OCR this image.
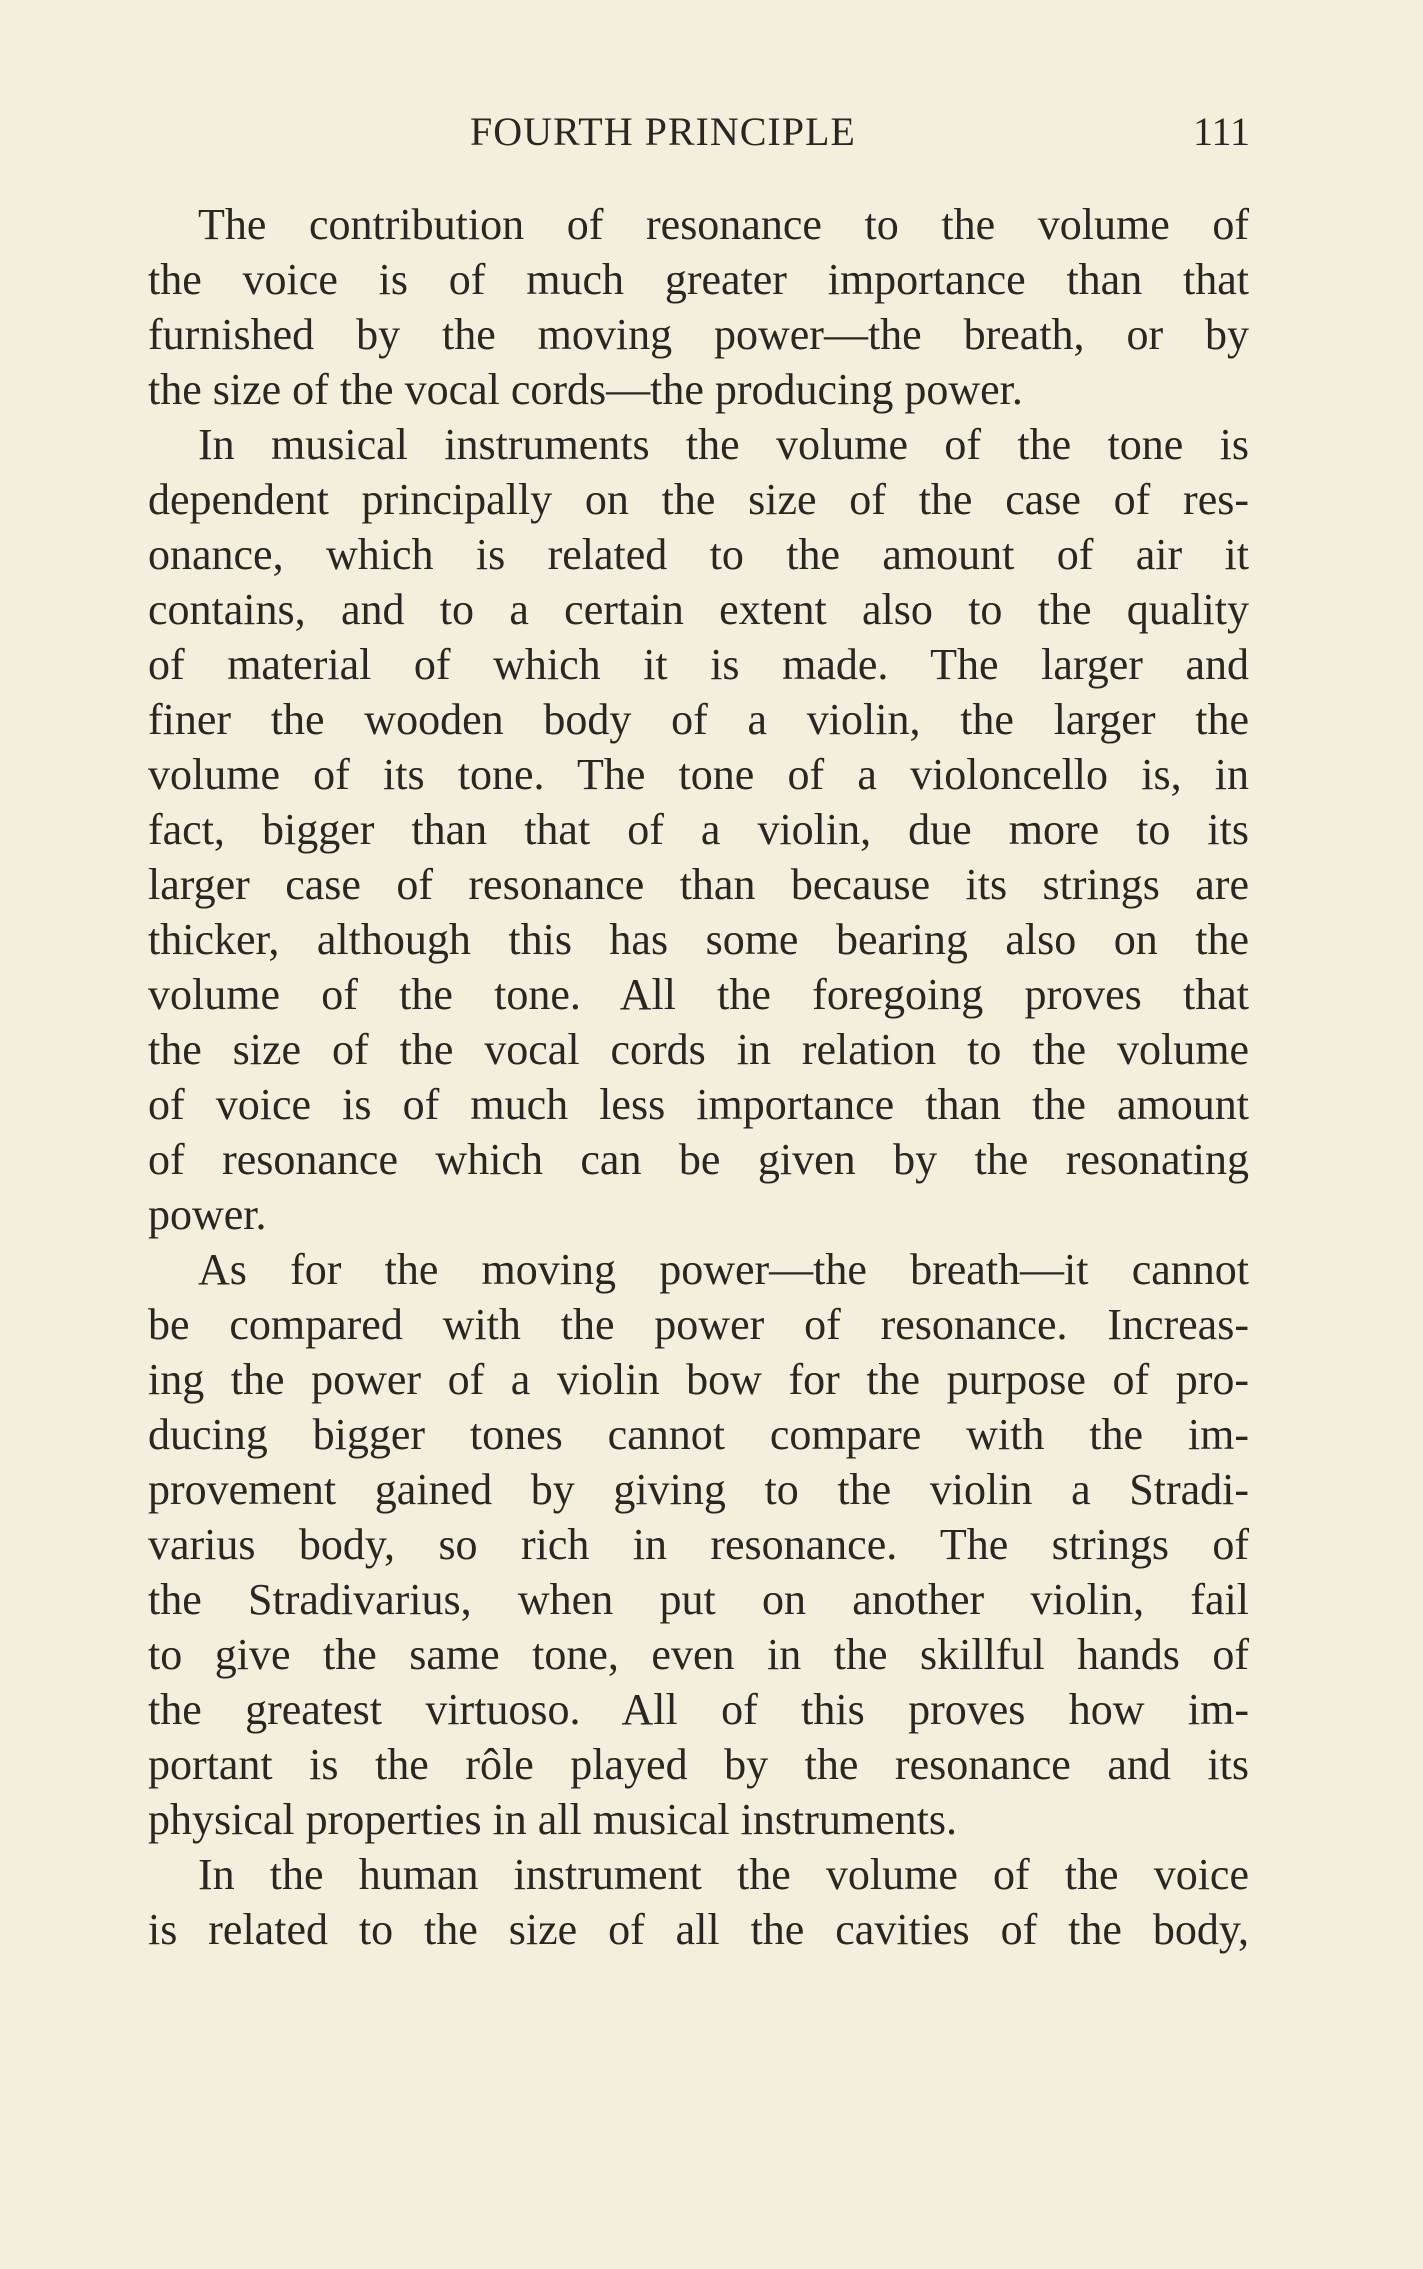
FOURTH PRINCIPLE	111
The contribution of resonance to the volume of
the voice is of much greater importance than that
furnished by the moving power—the breath, or by
the size of the vocal cords—the producing power.
In musical instruments the volume of the tone is
dependent principally on the size of the case of res-
onance, which is related to the amount of air it
contains, and to a certain extent also to the quality
of material of which it is made. The larger and
finer the wooden body of a violin, the larger the
volume of its tone. The tone of a violoncello is, in
fact, bigger than that of a violin, due more to its
larger case of resonance than because its strings are
thicker, although this has some bearing also on the
volume of the tone. All the foregoing proves that
the size of the vocal cords in relation to the volume
of voice is of much less importance than the amount
of resonance which can be given by the resonating
power.
As for the moving power—the breath—it cannot
be compared with the power of resonance. Increas-
ing the power of a violin bow for the purpose of pro-
ducing bigger tones cannot compare with the im-
provement gained by giving to the violin a Stradi-
varius body, so rich in resonance. The strings of
the Stradivarius, when put on another violin, fail
to give the same tone, even in the skillful hands of
the greatest virtuoso. All of this proves how im-
portant is the rôle played by the resonance and its
physical properties in all musical instruments.
In the human instrument the volume of the voice
is related to the size of all the cavities of the body,
